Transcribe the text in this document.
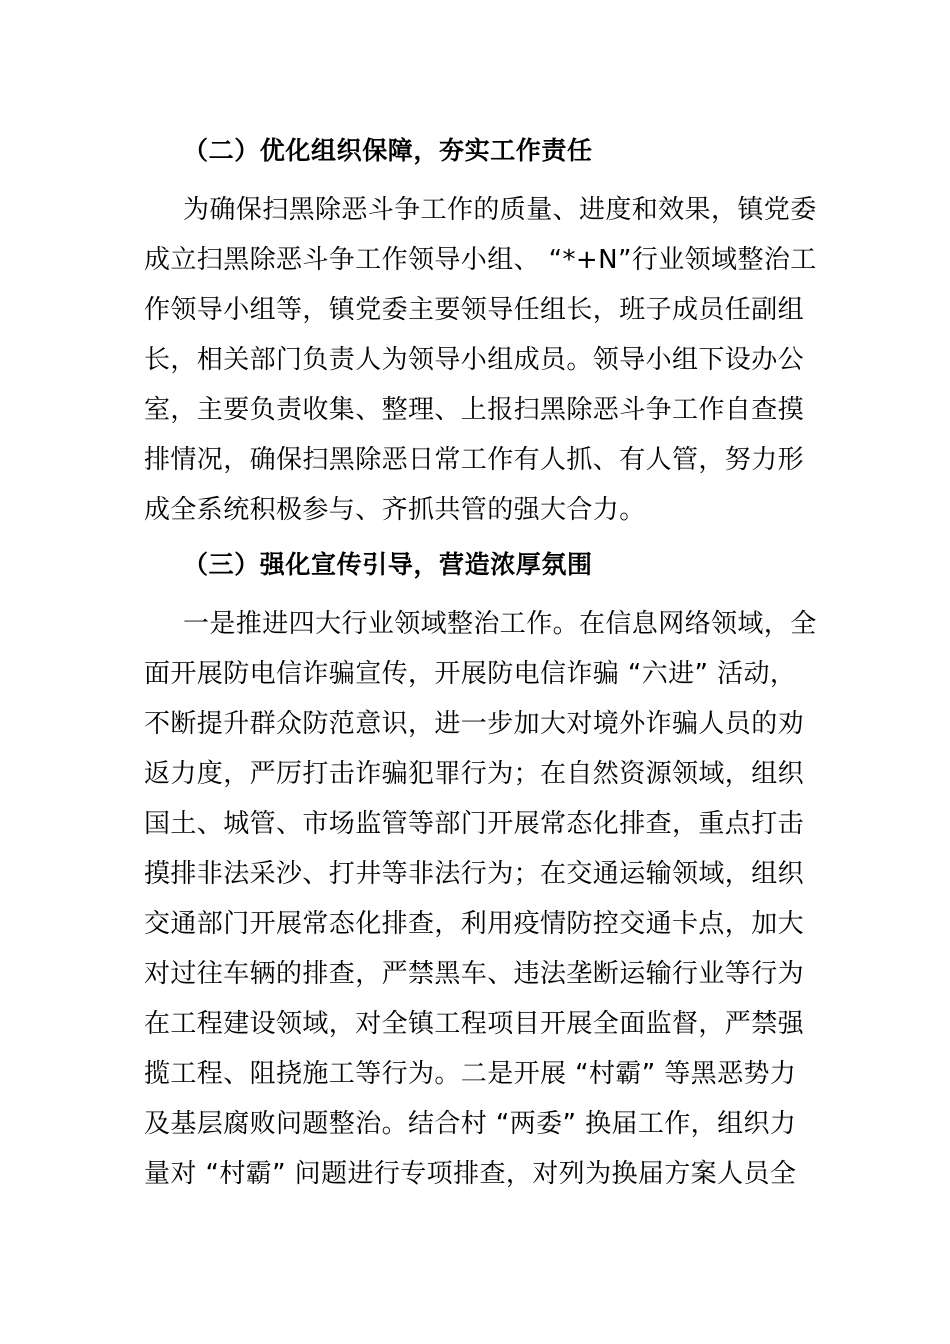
（二）优化组织保障，夯实工作责任
为确保扫黑除恶斗争工作的质量、进度和效果，镇党委
成立扫黑除恶斗争工作领导小组、 “*+N”行业领域整治工
作领导小组等，镇党委主要领导任组长，班子成员任副组
长，相关部门负责人为领导小组成员。领导小组下设办公
室，主要负责收集、整理、上报扫黑除恶斗争工作自查摸
排情况，确保扫黑除恶日常工作有人抓、有人管，努力形
成全系统积极参与、齐抓共管的强大合力。
（三）强化宣传引导，营造浓厚氛围
一是推进四大行业领域整治工作。在信息网络领域，全
面开展防电信诈骗宣传，开展防电信诈骗 “六进” 活动，
不断提升群众防范意识，进一步加大对境外诈骗人员的劝
返力度，严厉打击诈骗犯罪行为；在自然资源领域，组织
国土、城管、市场监管等部门开展常态化排查，重点打击
摸排非法采沙、打井等非法行为；在交通运输领域，组织
交通部门开展常态化排查，利用疫情防控交通卡点，加大
对过往车辆的排查，严禁黑车、违法垄断运输行业等行为
在工程建设领域，对全镇工程项目开展全面监督，严禁强
揽工程、阻挠施工等行为。二是开展 “村霸” 等黑恶势力
及基层腐败问题整治。结合村 “两委” 换届工作，组织力
量对 “村霸” 问题进行专项排查，对列为换届方案人员全
